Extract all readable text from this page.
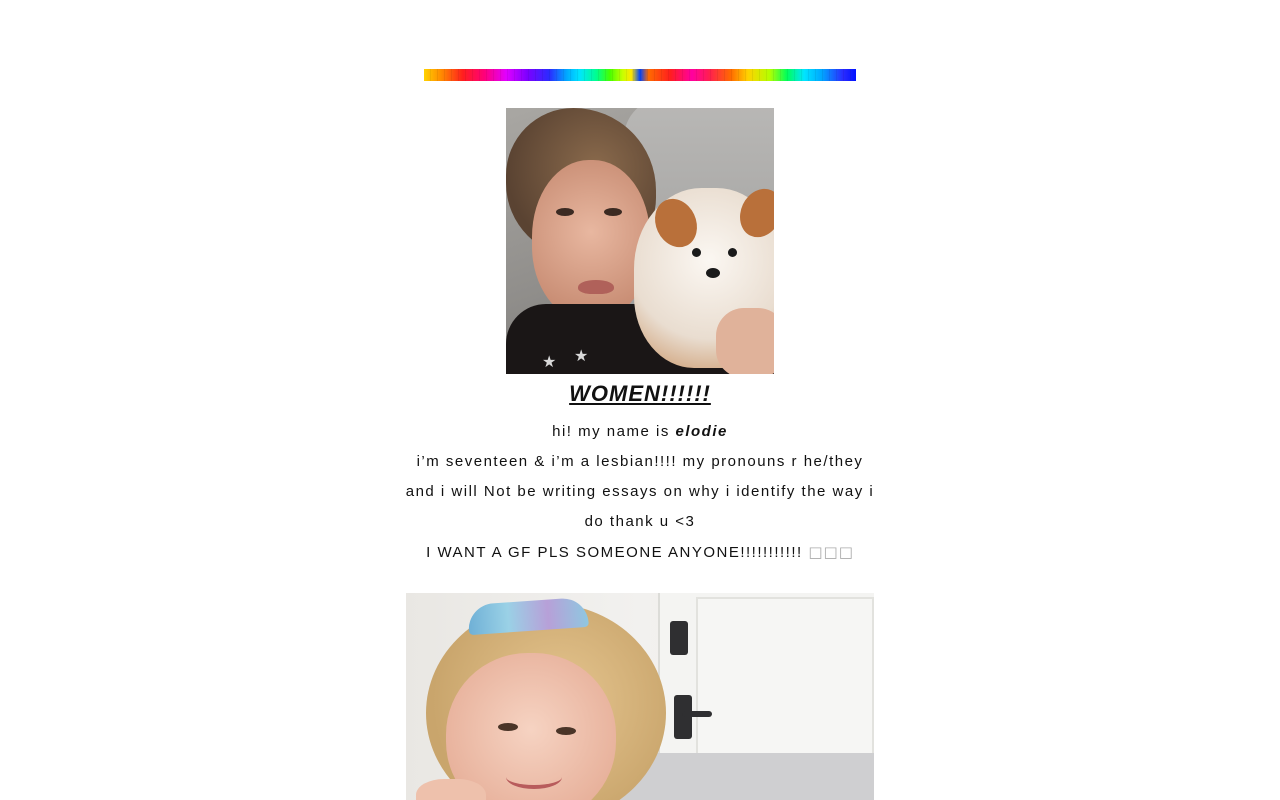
★ ★
WOMEN!!!!!!

hi! my name is elodie

i’m seventeen & i’m a lesbian!!!! my pronouns r he/they and i will Not be writing essays on why i identify the way i do thank u <3

I WANT A GF PLS SOMEONE ANYONE!!!!!!!!!!! □□□
